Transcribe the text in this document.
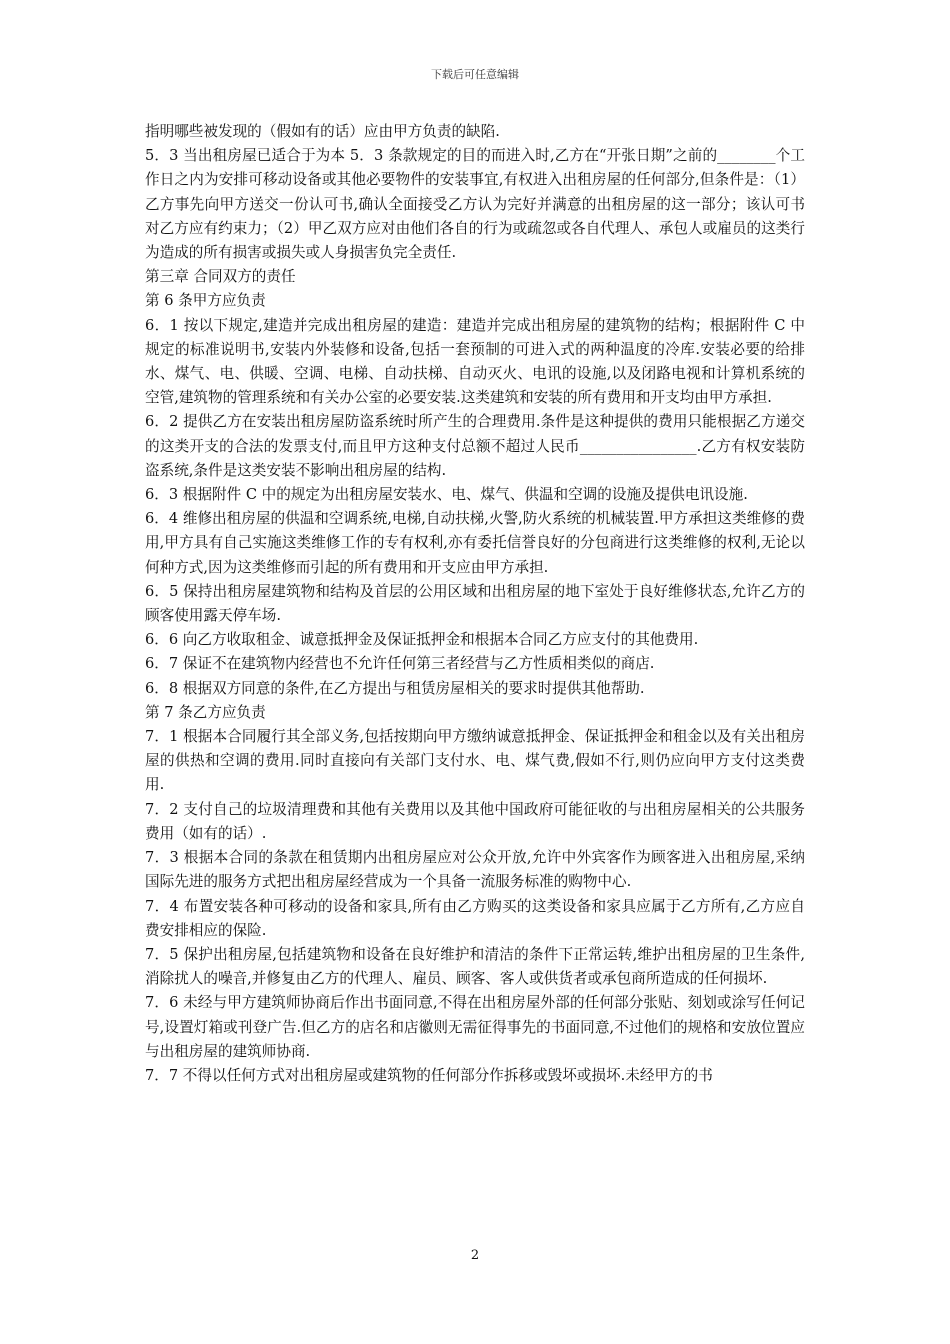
下载后可任意编辑

指明哪些被发现的（假如有的话）应由甲方负责的缺陷.

5．3 当出租房屋已适合于为本 5．3 条款规定的目的而进入时,乙方在“开张日期”之前的________个工作日之内为安排可移动设备或其他必要物件的安装事宜,有权进入出租房屋的任何部分,但条件是：（1）乙方事先向甲方送交一份认可书,确认全面接受乙方认为完好并满意的出租房屋的这一部分；该认可书对乙方应有约束力；（2）甲乙双方应对由他们各自的行为或疏忽或各自代理人、承包人或雇员的这类行为造成的所有损害或损失或人身损害负完全责任.

第三章 合同双方的责任

第 6 条甲方应负责

6．1 按以下规定,建造并完成出租房屋的建造：建造并完成出租房屋的建筑物的结构；根据附件 C 中规定的标准说明书,安装内外装修和设备,包括一套预制的可进入式的两种温度的冷库.安装必要的给排水、煤气、电、供暖、空调、电梯、自动扶梯、自动灭火、电讯的设施,以及闭路电视和计算机系统的空管,建筑物的管理系统和有关办公室的必要安装.这类建筑和安装的所有费用和开支均由甲方承担.

6．2 提供乙方在安装出租房屋防盗系统时所产生的合理费用.条件是这种提供的费用只能根据乙方递交的这类开支的合法的发票支付,而且甲方这种支付总额不超过人民币________________.乙方有权安装防盗系统,条件是这类安装不影响出租房屋的结构.

6．3 根据附件 C 中的规定为出租房屋安装水、电、煤气、供温和空调的设施及提供电讯设施.

6．4 维修出租房屋的供温和空调系统,电梯,自动扶梯,火警,防火系统的机械装置.甲方承担这类维修的费用,甲方具有自己实施这类维修工作的专有权利,亦有委托信誉良好的分包商进行这类维修的权利,无论以何种方式,因为这类维修而引起的所有费用和开支应由甲方承担.

6．5 保持出租房屋建筑物和结构及首层的公用区域和出租房屋的地下室处于良好维修状态,允许乙方的顾客使用露天停车场.

6．6 向乙方收取租金、诚意抵押金及保证抵押金和根据本合同乙方应支付的其他费用.

6．7 保证不在建筑物内经营也不允许任何第三者经营与乙方性质相类似的商店.

6．8 根据双方同意的条件,在乙方提出与租赁房屋相关的要求时提供其他帮助.

第 7 条乙方应负责

7．1 根据本合同履行其全部义务,包括按期向甲方缴纳诚意抵押金、保证抵押金和租金以及有关出租房屋的供热和空调的费用.同时直接向有关部门支付水、电、煤气费,假如不行,则仍应向甲方支付这类费用.

7．2 支付自己的垃圾清理费和其他有关费用以及其他中国政府可能征收的与出租房屋相关的公共服务费用（如有的话）.

7．3 根据本合同的条款在租赁期内出租房屋应对公众开放,允许中外宾客作为顾客进入出租房屋,采纳国际先进的服务方式把出租房屋经营成为一个具备一流服务标准的购物中心.

7．4 布置安装各种可移动的设备和家具,所有由乙方购买的这类设备和家具应属于乙方所有,乙方应自费安排相应的保险.

7．5 保护出租房屋,包括建筑物和设备在良好维护和清洁的条件下正常运转,维护出租房屋的卫生条件,消除扰人的噪音,并修复由乙方的代理人、雇员、顾客、客人或供货者或承包商所造成的任何损坏.

7．6 未经与甲方建筑师协商后作出书面同意,不得在出租房屋外部的任何部分张贴、刻划或涂写任何记号,设置灯箱或刊登广告.但乙方的店名和店徽则无需征得事先的书面同意,不过他们的规格和安放位置应与出租房屋的建筑师协商.

7．7 不得以任何方式对出租房屋或建筑物的任何部分作拆移或毁坏或损坏.未经甲方的书

2
